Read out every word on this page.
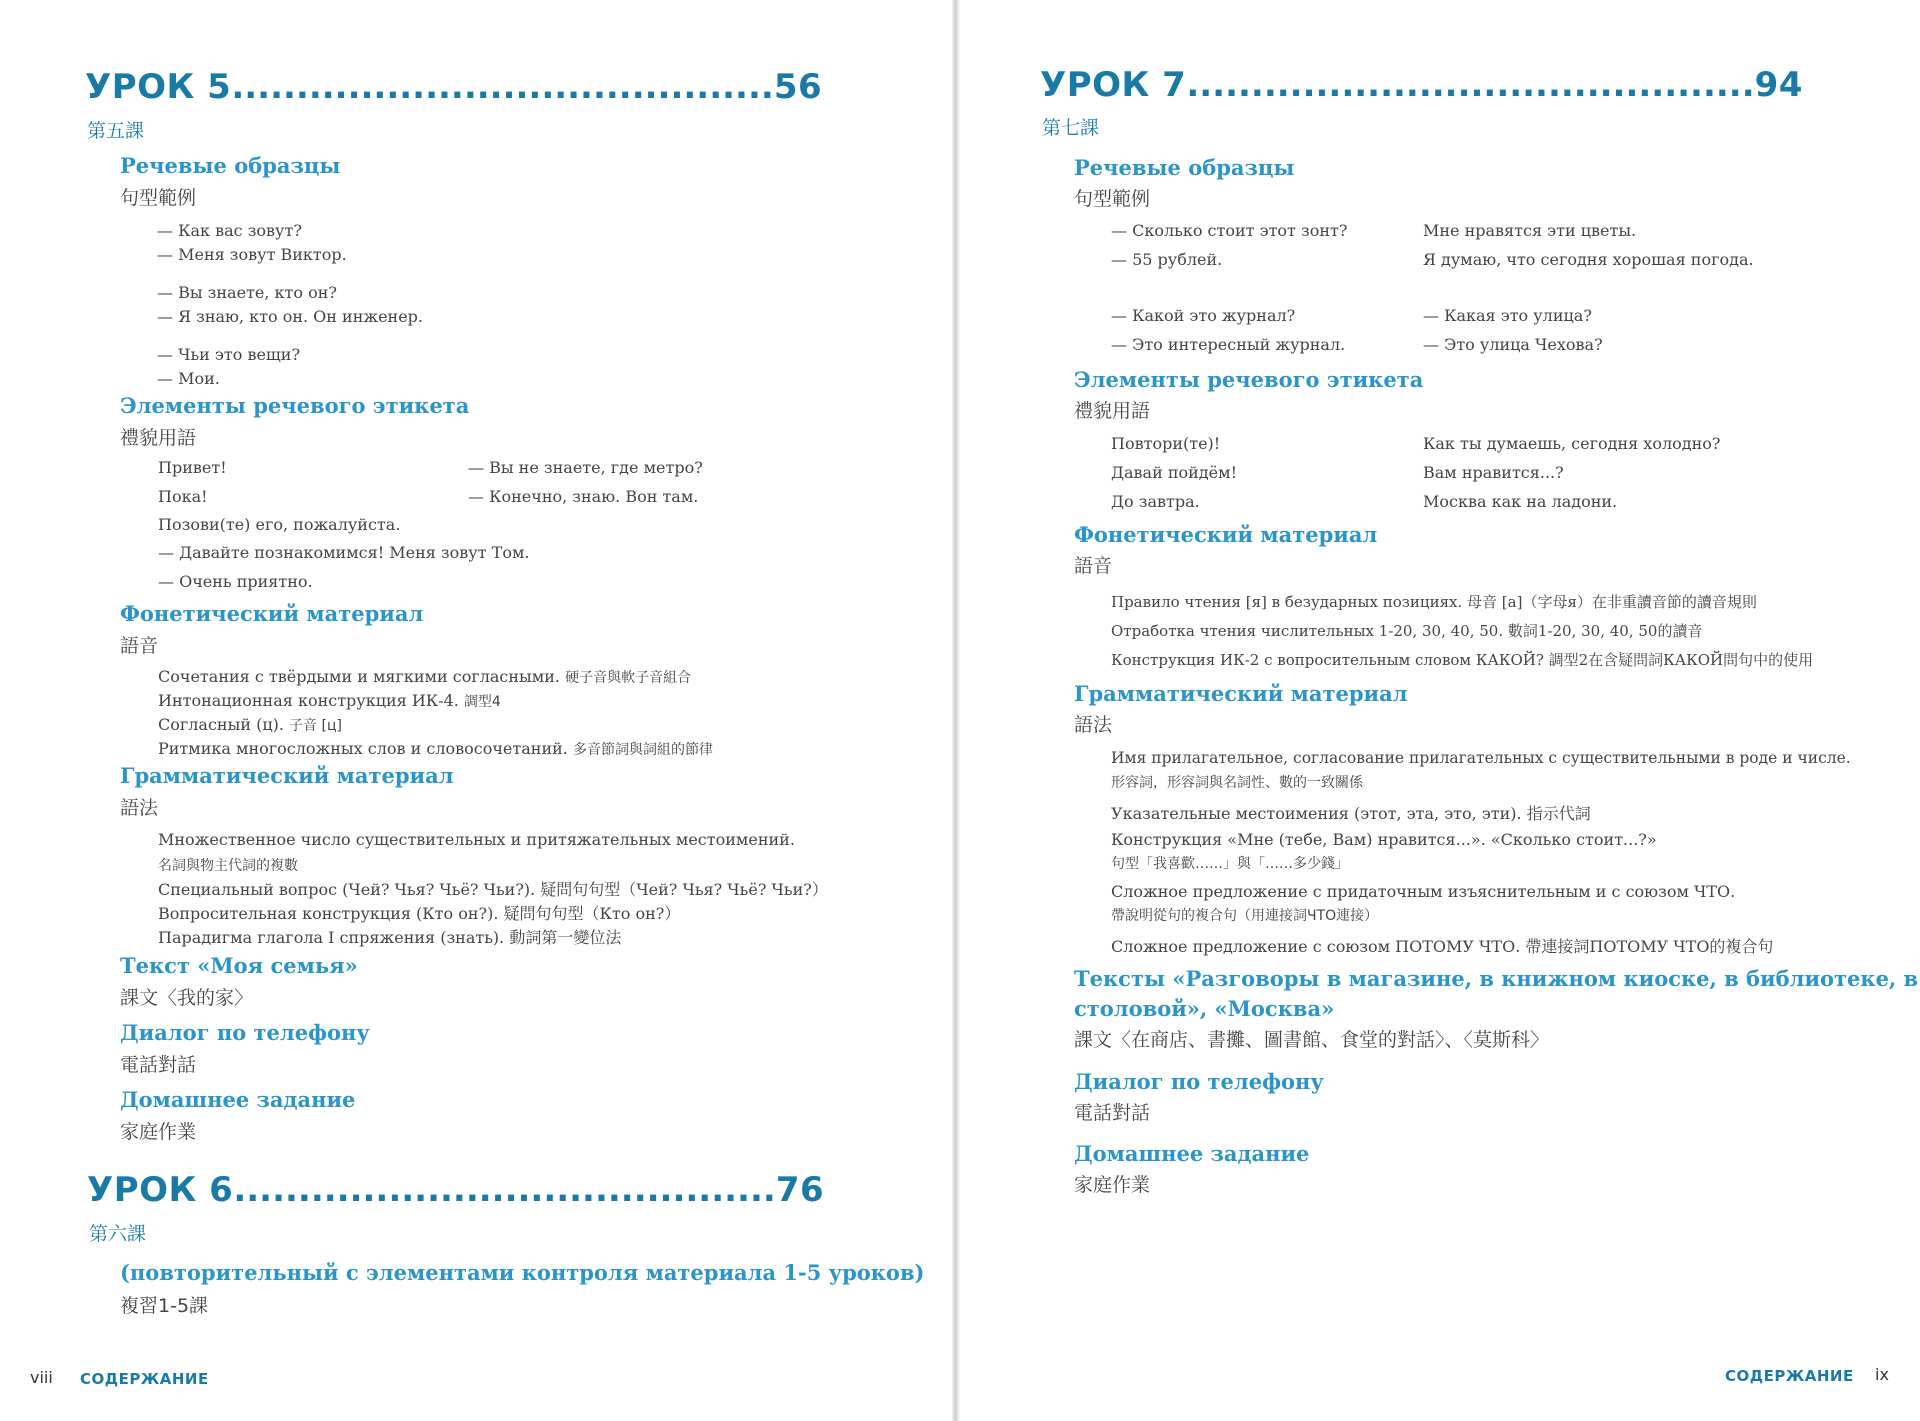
УРОК 5..........................................56
第五課
Речевые образцы
句型範例
— Как вас зовут?
— Меня зовут Виктор.
— Вы знаете, кто он?
— Я знаю, кто он. Он инженер.
— Чьи это вещи?
— Мои.
Элементы речевого этикета
禮貌用語
Привет!
Пока!
Позови(те) его, пожалуйста.
— Давайте познакомимся! Меня зовут Том.
— Очень приятно.
— Вы не знаете, где метро?
— Конечно, знаю. Вон там.
Фонетический материал
語音
Сочетания с твёрдыми и мягкими согласными. 硬子音與軟子音組合
Интонационная конструкция ИК-4. 調型4
Согласный (ц). 子音 [ц]
Ритмика многосложных слов и словосочетаний. 多音節詞與詞組的節律
Грамматический материал
語法
Множественное число существительных и притяжательных местоимений.
名詞與物主代詞的複數
Специальный вопрос (Чей? Чья? Чьё? Чьи?). 疑問句句型（Чей? Чья? Чьё? Чьи?）
Вопросительная конструкция (Кто он?). 疑問句句型（Кто он?）
Парадигма глагола I спряжения (знать). 動詞第一變位法
Текст «Моя семья»
課文〈我的家〉
Диалог по телефону
電話對話
Домашнее задание
家庭作業
УРОК 6..........................................76
第六課
(повторительный с элементами контроля материала 1-5 уроков)
複習1-5課
viii СОДЕРЖАНИЕ
УРОК 7............................................94
第七課
Речевые образцы
句型範例
— Сколько стоит этот зонт?
— 55 рублей.
— Какой это журнал?
— Это интересный журнал.
Мне нравятся эти цветы.
Я думаю, что сегодня хорошая погода.
— Какая это улица?
— Это улица Чехова?
Элементы речевого этикета
禮貌用語
Повтори(те)!
Давай пойдём!
До завтра.
Как ты думаешь, сегодня холодно?
Вам нравится...?
Москва как на ладони.
Фонетический материал
語音
Правило чтения [я] в безударных позициях. 母音 [a]（字母я）在非重讀音節的讀音規則
Отработка чтения числительных 1-20, 30, 40, 50. 數詞1-20, 30, 40, 50的讀音
Конструкция ИК-2 с вопросительным словом КАКОЙ? 調型2在含疑問詞КАКОЙ問句中的使用
Грамматический материал
語法
Имя прилагательное, согласование прилагательных с существительными в роде и числе.
形容詞，形容詞與名詞性、數的一致關係
Указательные местоимения (этот, эта, это, эти). 指示代詞
Конструкция «Мне (тебе, Вам) нравится...». «Сколько стоит...?»
句型「我喜歡……」與「……多少錢」
Сложное предложение с придаточным изъяснительным и с союзом ЧТО.
帶說明從句的複合句（用連接詞ЧТО連接）
Сложное предложение с союзом ПОТОМУ ЧТО. 帶連接詞ПОТОМУ ЧТО的複合句
Тексты «Разговоры в магазине, в книжном киоске, в библиотеке, в
столовой», «Москва»
課文〈在商店、書攤、圖書館、食堂的對話〉、〈莫斯科〉
Диалог по телефону
電話對話
Домашнее задание
家庭作業
СОДЕРЖАНИЕ ix
